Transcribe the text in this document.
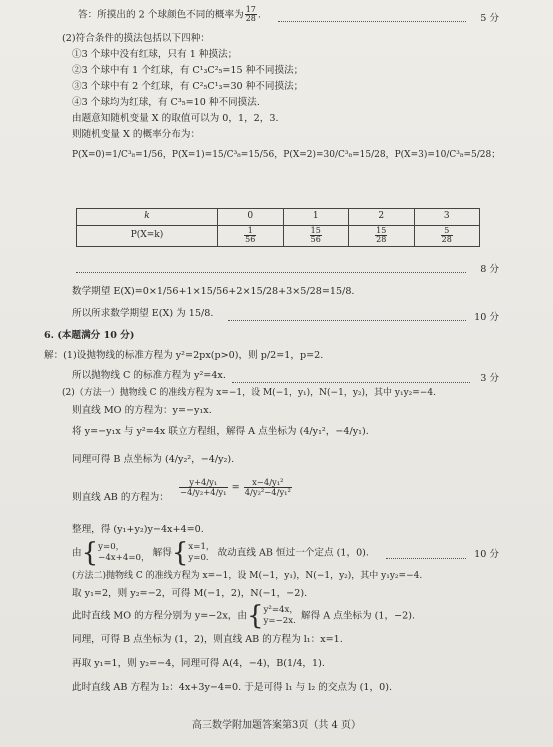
答：所摸出的 2 个球颜色不同的概率为 $\frac{17}{28}$ .	5 分
(2)符合条件的摸法包括以下四种：
①3 个球中没有红球，只有 1 种摸法；
②3 个球中有 1 个红球，有 C¹₃C²₅=15 种不同摸法；
③3 个球中有 2 个红球，有 C²₅C¹₃=30 种不同摸法；
④3 个球均为红球，有 C³₅=10 种不同摸法.
由题意知随机变量 X 的取值可以为 0，1，2，3.
则随机变量 X 的概率分布为：
P(X=0)=1/C³₈=1/56，P(X=1)=15/C³₈=15/56，P(X=2)=30/C³₈=15/28，P(X=3)=10/C³₈=5/28；
k	0	1	2	3
P(X=k)	$\frac{1}{56}$	$\frac{15}{56}$	$\frac{15}{28}$	$\frac{5}{28}$
8 分
数学期望 E(X)=0×1/56+1×15/56+2×15/28+3×5/28=15/8.
所以所求数学期望 E(X) 为 15/8.	10 分
6. (本题满分 10 分)
解：(1)设抛物线的标准方程为 y²=2px(p>0)，则 p/2=1，p=2.
所以抛物线 C 的标准方程为 y²=4x.	3 分
(2)（方法一）抛物线 C 的准线方程为 x=−1，设 M(−1，y₁)，N(−1，y₂)，其中 y₁y₂=−4.
则直线 MO 的方程为：y=−y₁x.
将 y=−y₁x 与 y²=4x 联立方程组，解得 A 点坐标为 (4/y₁²，−4/y₁).
同理可得 B 点坐标为 (4/y₂²，−4/y₂).
则直线 AB 的方程为：
$\frac{\text{y+4/y₁}}{\text{−4/y₂+4/y₁}} = \frac{\text{x−4/y₁²}}{\text{4/y₂²−4/y₁²}}$
整理，得 (y₁+y₂)y−4x+4=0.
由{y=0，
−4x+4=0， 解得{x=1，
y=0. 故动直线 AB 恒过一个定点 (1，0).	10 分
(方法二)抛物线 C 的准线方程为 x=−1，设 M(−1，y₁)，N(−1，y₂)，其中 y₁y₂=−4.
取 y₁=2，则 y₂=−2，可得 M(−1，2)，N(−1，−2).
此时直线 MO 的方程分别为 y=−2x，由{y²=4x，
y=−2x. 解得 A 点坐标为 (1，−2).
同理，可得 B 点坐标为 (1，2)，则直线 AB 的方程为 l₁：x=1.
再取 y₁=1，则 y₂=−4，同理可得 A(4，−4)，B(1/4，1).
此时直线 AB 方程为 l₂：4x+3y−4=0. 于是可得 l₁ 与 l₂ 的交点为 (1，0).
高三数学附加题答案第3页（共 4 页）
